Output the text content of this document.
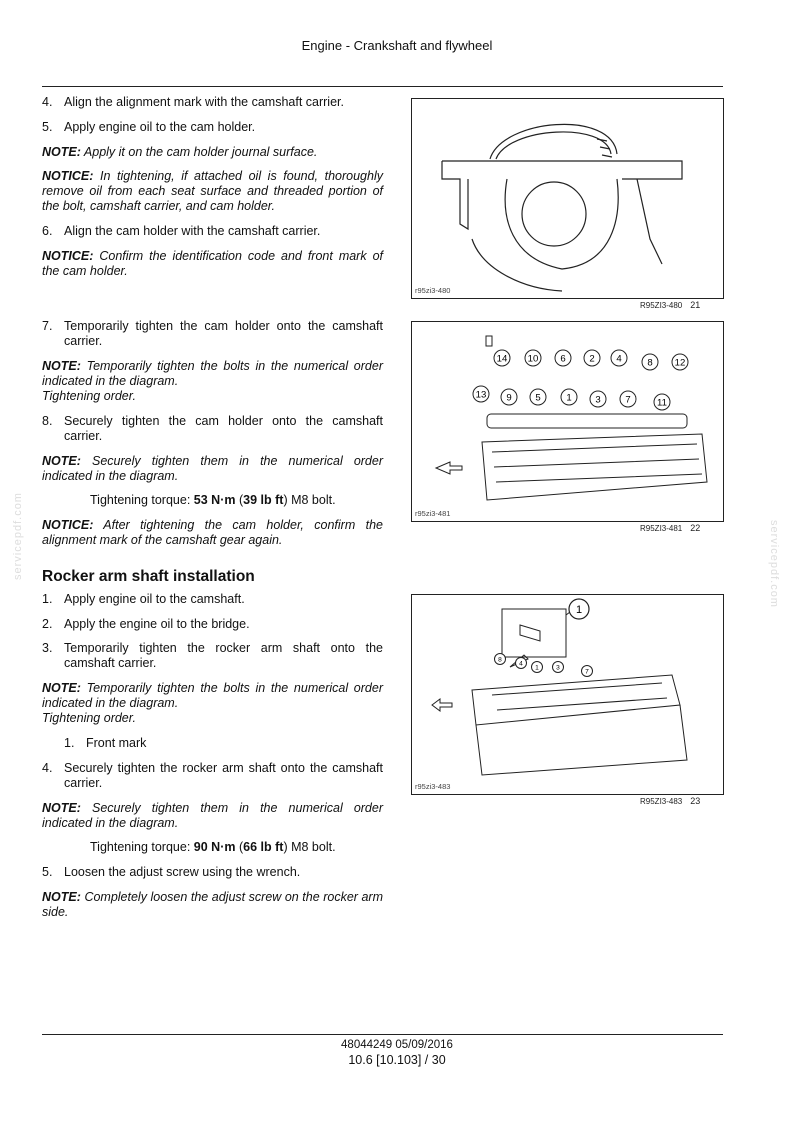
Engine - Crankshaft and flywheel
servicepdf.com	servicepdf.com
4. Align the alignment mark with the camshaft carrier.
5. Apply engine oil to the cam holder.
NOTE: Apply it on the cam holder journal surface.
NOTICE: In tightening, if attached oil is found, thoroughly remove oil from each seat surface and threaded portion of the bolt, camshaft carrier, and cam holder.
6. Align the cam holder with the camshaft carrier.
NOTICE: Confirm the identification code and front mark of the cam holder.
7. Temporarily tighten the cam holder onto the camshaft carrier.
NOTE: Temporarily tighten the bolts in the numerical order indicated in the diagram.
Tightening order.
8. Securely tighten the cam holder onto the camshaft carrier.
NOTE: Securely tighten them in the numerical order indicated in the diagram.
Tightening torque: 53 N·m (39 lb ft) M8 bolt.
NOTICE: After tightening the cam holder, confirm the alignment mark of the camshaft gear again.
Rocker arm shaft installation
1. Apply engine oil to the camshaft.
2. Apply the engine oil to the bridge.
3. Temporarily tighten the rocker arm shaft onto the camshaft carrier.
NOTE: Temporarily tighten the bolts in the numerical order indicated in the diagram.
Tightening order.
1. Front mark
4. Securely tighten the rocker arm shaft onto the camshaft carrier.
NOTE: Securely tighten them in the numerical order indicated in the diagram.
Tightening torque: 90 N·m (66 lb ft) M8 bolt.
5. Loosen the adjust screw using the wrench.
NOTE: Completely loosen the adjust screw on the rocker arm side.
r95zi3-480
R95ZI3-480 21
14 10 6 2 4	8 12
13 9 5	1 3	7	11
r95zi3-481
R95ZI3-481 22
8
4
1	3
7
1
r95zi3-483
R95ZI3-483 23
48044249 05/09/2016
10.6 [10.103] / 30
